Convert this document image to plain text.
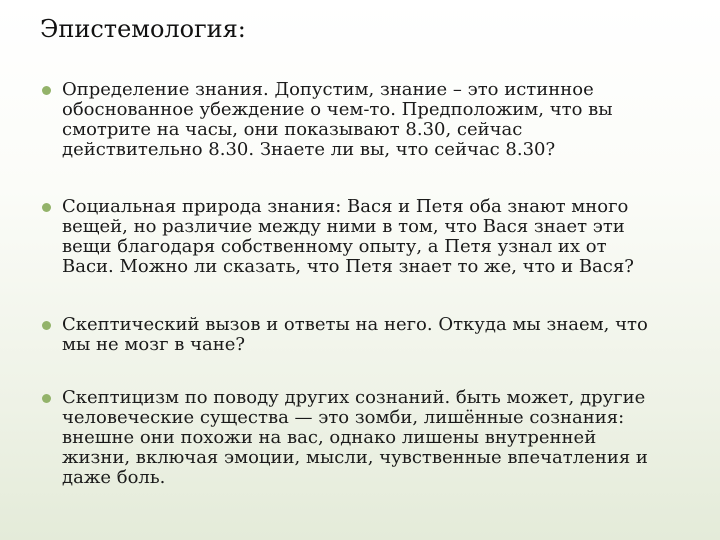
Эпистемология:
Определение знания. Допустим, знание – это истинное
обоснованное убеждение о чем-то. Предположим, что вы
смотрите на часы, они показывают 8.30, сейчас
действительно 8.30. Знаете ли вы, что сейчас 8.30?
Социальная природа знания: Вася и Петя оба знают много
вещей, но различие между ними в том, что Вася знает эти
вещи благодаря собственному опыту, а Петя узнал их от
Васи. Можно ли сказать, что Петя знает то же, что и Вася?
Скептический вызов и ответы на него. Откуда мы знаем, что
мы не мозг в чане?
Скептицизм по поводу других сознаний. быть может, другие
человеческие существа — это зомби, лишённые сознания:
внешне они похожи на вас, однако лишены внутренней
жизни, включая эмоции, мысли, чувственные впечатления и
даже боль.
